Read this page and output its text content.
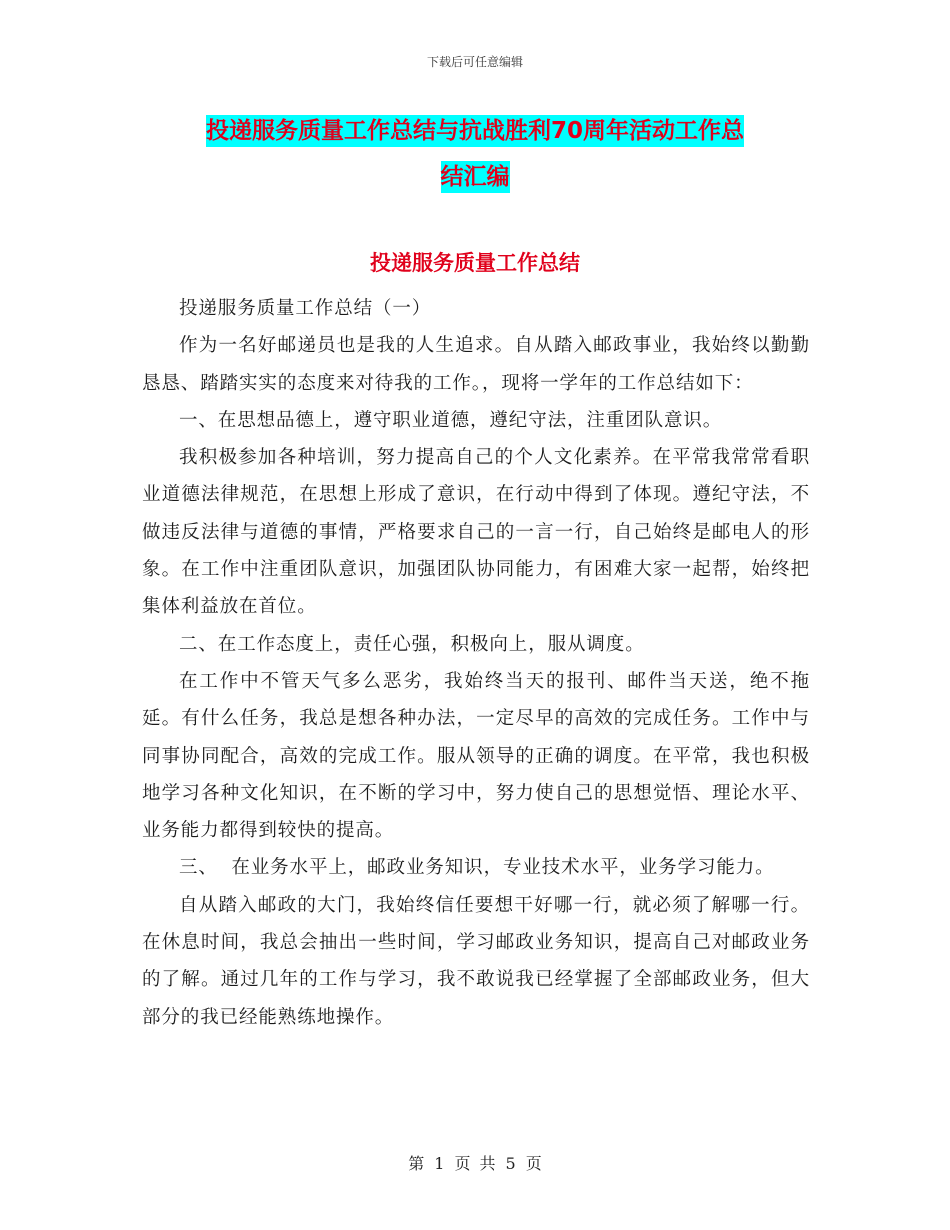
下载后可任意编辑
投递服务质量工作总结与抗战胜利70周年活动工作总
结汇编
投递服务质量工作总结

投递服务质量工作总结（一）

作为一名好邮递员也是我的人生追求。自从踏入邮政事业，我始终以勤勤恳恳、踏踏实实的态度来对待我的工作。，现将一学年的工作总结如下：

一、在思想品德上，遵守职业道德，遵纪守法，注重团队意识。

我积极参加各种培训，努力提高自己的个人文化素养。在平常我常常看职业道德法律规范，在思想上形成了意识，在行动中得到了体现。遵纪守法，不做违反法律与道德的事情，严格要求自己的一言一行，自己始终是邮电人的形象。在工作中注重团队意识，加强团队协同能力，有困难大家一起帮，始终把集体利益放在首位。

二、在工作态度上，责任心强，积极向上，服从调度。

在工作中不管天气多么恶劣，我始终当天的报刊、邮件当天送，绝不拖延。有什么任务，我总是想各种办法，一定尽早的高效的完成任务。工作中与同事协同配合，高效的完成工作。服从领导的正确的调度。在平常，我也积极地学习各种文化知识，在不断的学习中，努力使自己的思想觉悟、理论水平、业务能力都得到较快的提高。

三、  在业务水平上，邮政业务知识，专业技术水平，业务学习能力。

自从踏入邮政的大门，我始终信任要想干好哪一行，就必须了解哪一行。在休息时间，我总会抽出一些时间，学习邮政业务知识，提高自己对邮政业务的了解。通过几年的工作与学习，我不敢说我已经掌握了全部邮政业务，但大部分的我已经能熟练地操作。

第 1 页 共 5 页
